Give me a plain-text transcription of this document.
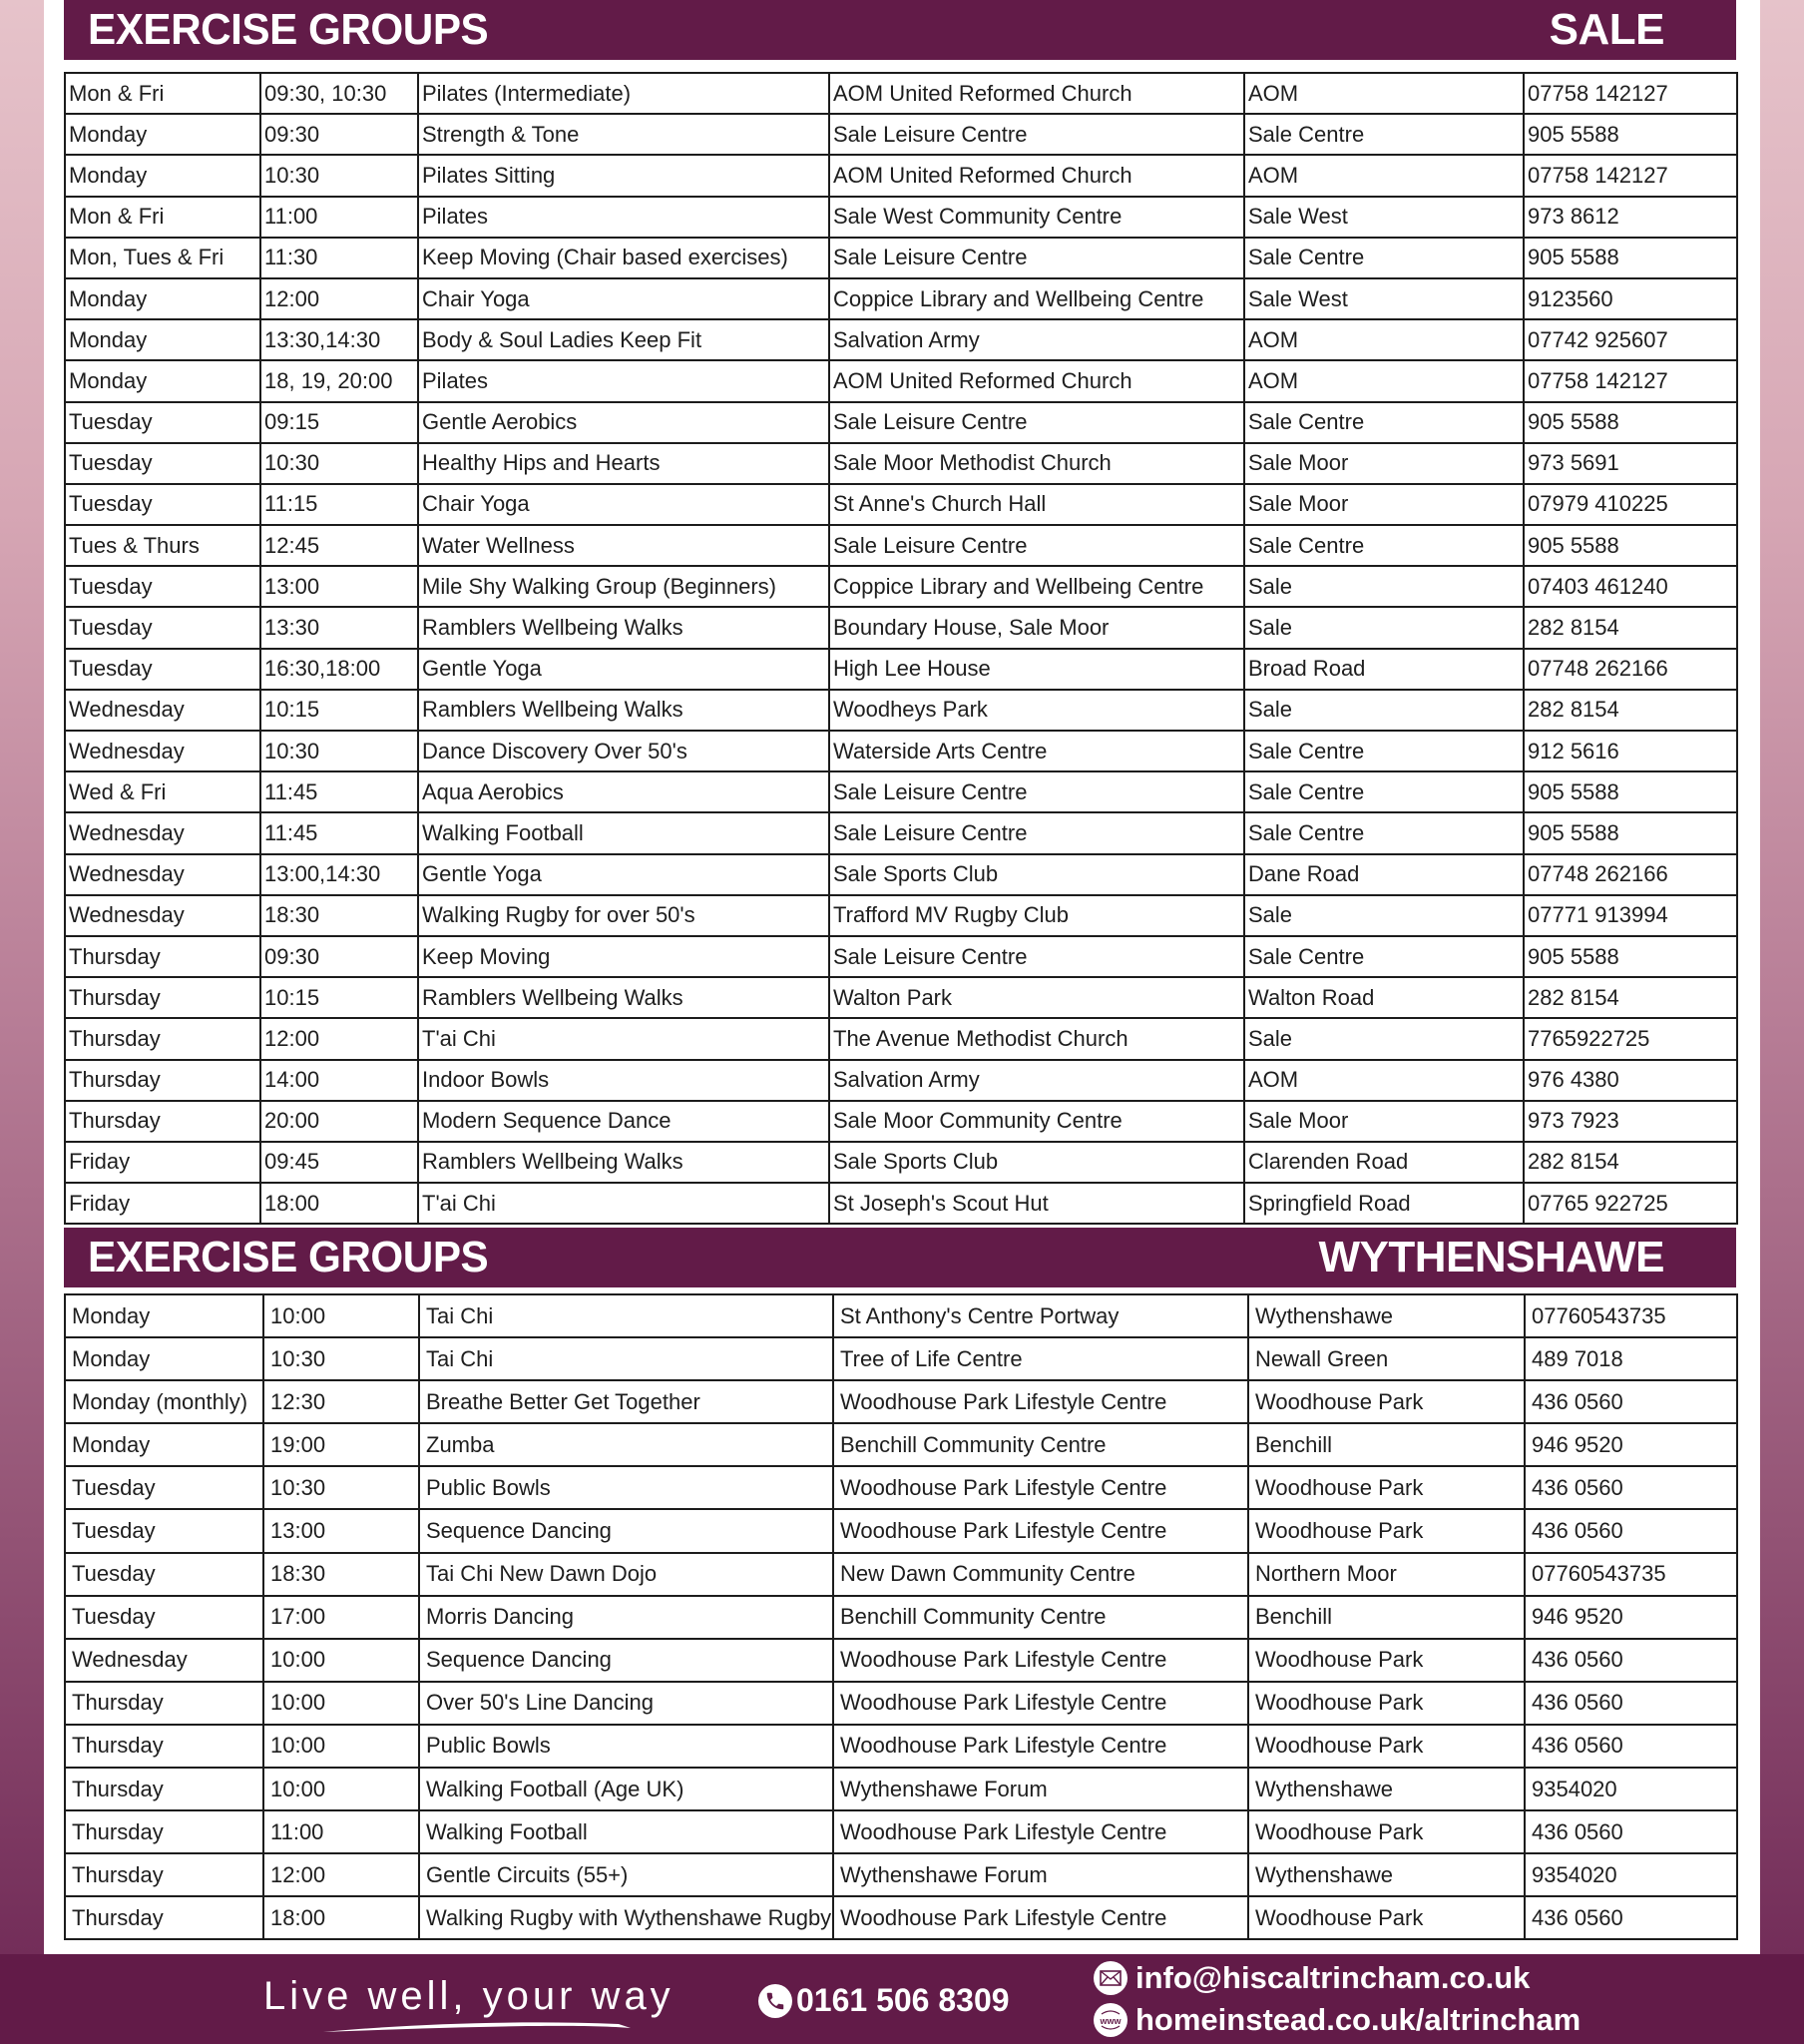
EXERCISE GROUPS	SALE
Mon & Fri	09:30, 10:30	Pilates (Intermediate)	AOM United Reformed Church	AOM	07758 142127
Monday	09:30	Strength & Tone	Sale Leisure Centre	Sale Centre	905 5588
Monday	10:30	Pilates Sitting	AOM United Reformed Church	AOM	07758 142127
Mon & Fri	11:00	Pilates	Sale West Community Centre	Sale West	973 8612
Mon, Tues & Fri	11:30	Keep Moving (Chair based exercises)	Sale Leisure Centre	Sale Centre	905 5588
Monday	12:00	Chair Yoga	Coppice Library and Wellbeing Centre	Sale West	9123560
Monday	13:30,14:30	Body & Soul Ladies Keep Fit	Salvation Army	AOM	07742 925607
Monday	18, 19, 20:00	Pilates	AOM United Reformed Church	AOM	07758 142127
Tuesday	09:15	Gentle Aerobics	Sale Leisure Centre	Sale Centre	905 5588
Tuesday	10:30	Healthy Hips and Hearts	Sale Moor Methodist Church	Sale Moor	973 5691
Tuesday	11:15	Chair Yoga	St Anne's Church Hall	Sale Moor	07979 410225
Tues & Thurs	12:45	Water Wellness	Sale Leisure Centre	Sale Centre	905 5588
Tuesday	13:00	Mile Shy Walking Group (Beginners)	Coppice Library and Wellbeing Centre	Sale	07403 461240
Tuesday	13:30	Ramblers Wellbeing Walks	Boundary House, Sale Moor	Sale	282 8154
Tuesday	16:30,18:00	Gentle Yoga	High Lee House	Broad Road	07748 262166
Wednesday	10:15	Ramblers Wellbeing Walks	Woodheys Park	Sale	282 8154
Wednesday	10:30	Dance Discovery Over 50's	Waterside Arts Centre	Sale Centre	912 5616
Wed & Fri	11:45	Aqua Aerobics	Sale Leisure Centre	Sale Centre	905 5588
Wednesday	11:45	Walking Football	Sale Leisure Centre	Sale Centre	905 5588
Wednesday	13:00,14:30	Gentle Yoga	Sale Sports Club	Dane Road	07748 262166
Wednesday	18:30	Walking Rugby for over 50's	Trafford MV Rugby Club	Sale	07771 913994
Thursday	09:30	Keep Moving	Sale Leisure Centre	Sale Centre	905 5588
Thursday	10:15	Ramblers Wellbeing Walks	Walton Park	Walton Road	282 8154
Thursday	12:00	T'ai Chi	The Avenue Methodist Church	Sale	7765922725
Thursday	14:00	Indoor Bowls	Salvation Army	AOM	976 4380
Thursday	20:00	Modern Sequence Dance	Sale Moor Community Centre	Sale Moor	973 7923
Friday	09:45	Ramblers Wellbeing Walks	Sale Sports Club	Clarenden Road	282 8154
Friday	18:00	T'ai Chi	St Joseph's Scout Hut	Springfield Road	07765 922725
EXERCISE GROUPS	WYTHENSHAWE
Monday	10:00	Tai Chi	St Anthony's Centre Portway	Wythenshawe	07760543735
Monday	10:30	Tai Chi	Tree of Life Centre	Newall Green	489 7018
Monday (monthly)	12:30	Breathe Better Get Together	Woodhouse Park Lifestyle Centre	Woodhouse Park	436 0560
Monday	19:00	Zumba	Benchill Community Centre	Benchill	946 9520
Tuesday	10:30	Public Bowls	Woodhouse Park Lifestyle Centre	Woodhouse Park	436 0560
Tuesday	13:00	Sequence Dancing	Woodhouse Park Lifestyle Centre	Woodhouse Park	436 0560
Tuesday	18:30	Tai Chi New Dawn Dojo	New Dawn Community Centre	Northern Moor	07760543735
Tuesday	17:00	Morris Dancing	Benchill Community Centre	Benchill	946 9520
Wednesday	10:00	Sequence Dancing	Woodhouse Park Lifestyle Centre	Woodhouse Park	436 0560
Thursday	10:00	Over 50's Line Dancing	Woodhouse Park Lifestyle Centre	Woodhouse Park	436 0560
Thursday	10:00	Public Bowls	Woodhouse Park Lifestyle Centre	Woodhouse Park	436 0560
Thursday	10:00	Walking Football (Age UK)	Wythenshawe Forum	Wythenshawe	9354020
Thursday	11:00	Walking Football	Woodhouse Park Lifestyle Centre	Woodhouse Park	436 0560
Thursday	12:00	Gentle Circuits (55+)	Wythenshawe Forum	Wythenshawe	9354020
Thursday	18:00	Walking Rugby with Wythenshawe Rugby	Woodhouse Park Lifestyle Centre	Woodhouse Park	436 0560
Live well, your way	0161 506 8309
info@hiscaltrincham.co.uk
www homeinstead.co.uk/altrincham
